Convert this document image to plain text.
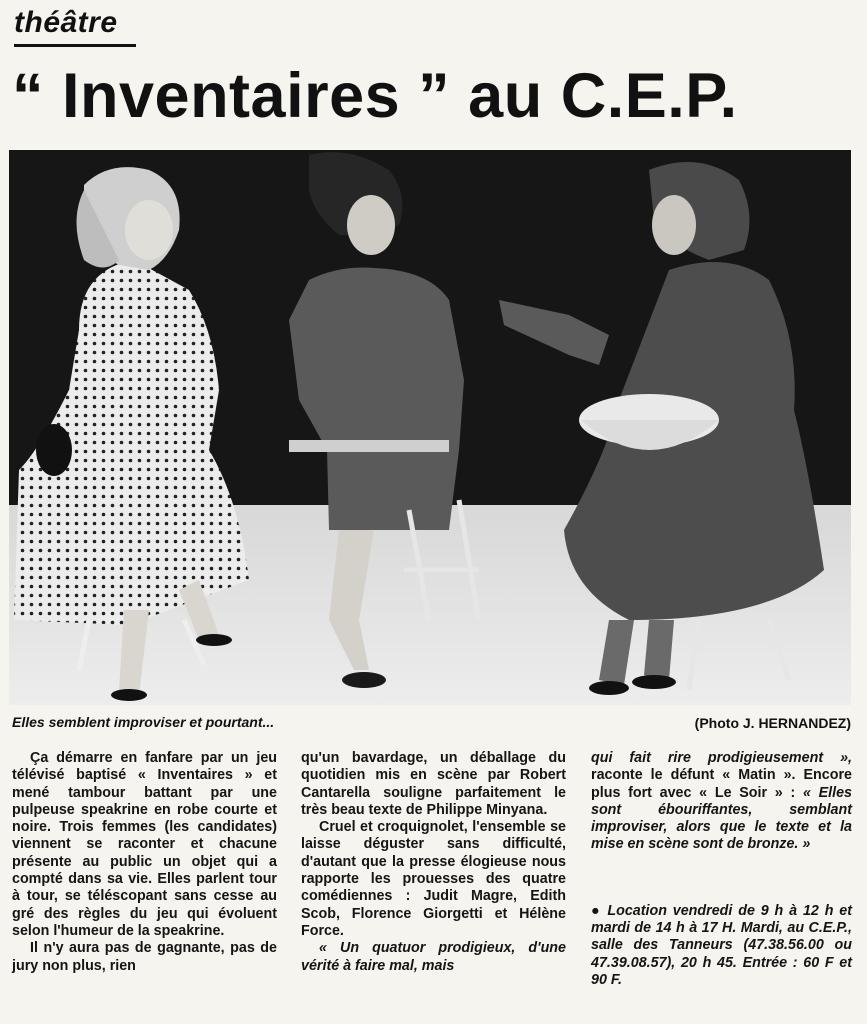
théâtre
“ Inventaires ” au C.E.P.
Elles semblent improviser et pourtant...	(Photo J. HERNANDEZ)

Ça démarre en fanfare par un jeu télévisé baptisé « Inventaires » et mené tambour battant par une pulpeuse speakrine en robe courte et noire. Trois femmes (les candidates) viennent se raconter et chacune présente au public un objet qui a compté dans sa vie. Elles parlent tour à tour, se téléscopant sans cesse au gré des règles du jeu qui évoluent selon l'humeur de la speakrine.

Il n'y aura pas de gagnante, pas de jury non plus, rien

qu'un bavardage, un déballage du quotidien mis en scène par Robert Cantarella souligne parfaitement le très beau texte de Philippe Minyana.

Cruel et croquignolet, l'ensemble se laisse déguster sans difficulté, d'autant que la presse élogieuse nous rapporte les prouesses des quatre comédiennes : Judit Magre, Edith Scob, Florence Giorgetti et Hélène Force.

« Un quatuor prodigieux, d'une vérité à faire mal, mais

qui fait rire prodigieusement », raconte le défunt « Matin ». Encore plus fort avec « Le Soir » : « Elles sont ébouriffantes, semblant improviser, alors que le texte et la mise en scène sont de bronze. »

● Location vendredi de 9 h à 12 h et mardi de 14 h à 17 H. Mardi, au C.E.P., salle des Tanneurs (47.38.56.00 ou 47.39.08.57), 20 h 45. Entrée : 60 F et 90 F.
